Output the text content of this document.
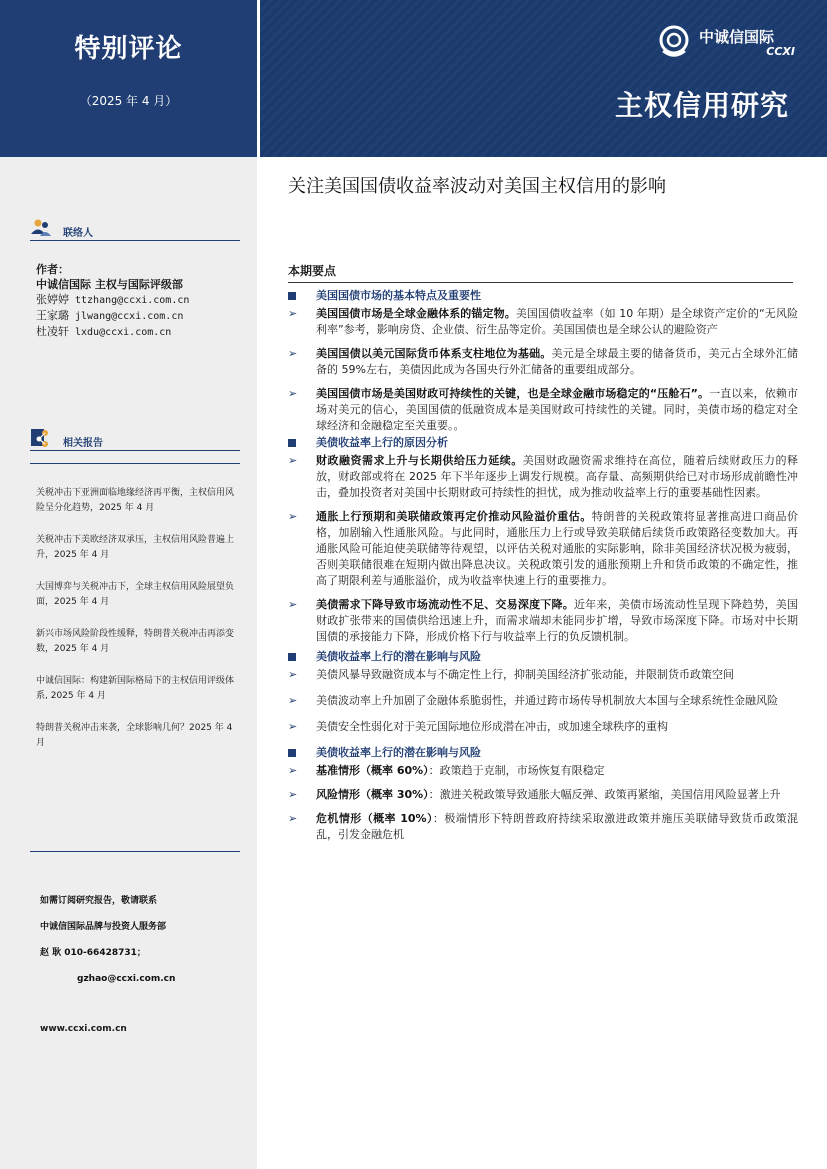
特别评论
（2025 年 4 月）
中诚信国际
CCXI
主权信用研究
联络人
作者：
中诚信国际 主权与国际评级部
张婷婷 ttzhang@ccxi.com.cn
王家璐 jlwang@ccxi.com.cn
杜凌轩 lxdu@ccxi.com.cn
相关报告
关税冲击下亚洲面临地缘经济再平衡，主权信用风险呈分化趋势，2025 年 4 月
关税冲击下美欧经济双承压，主权信用风险普遍上升，2025 年 4 月
大国博弈与关税冲击下，全球主权信用风险展望负面，2025 年 4 月
新兴市场风险阶段性缓释，特朗普关税冲击再添变数，2025 年 4 月
中诚信国际：构建新国际格局下的主权信用评级体系, 2025 年 4 月
特朗普关税冲击来袭，全球影响几何？2025 年 4 月
如需订阅研究报告，敬请联系
中诚信国际品牌与投资人服务部
赵 耿 010-66428731；
gzhao@ccxi.com.cn
www.ccxi.com.cn
关注美国国债收益率波动对美国主权信用的影响
本期要点
美国国债市场的基本特点及重要性
➢ 美国国债市场是全球金融体系的锚定物。美国国债收益率（如 10 年期）是全球资产定价的“无风险利率”参考，影响房贷、企业债、衍生品等定价。美国国债也是全球公认的避险资产
➢ 美国国债以美元国际货币体系支柱地位为基础。美元是全球最主要的储备货币，美元占全球外汇储备的 59%左右，美债因此成为各国央行外汇储备的重要组成部分。
➢ 美国国债市场是美国财政可持续性的关键，也是全球金融市场稳定的“压舱石”。一直以来，依赖市场对美元的信心，美国国债的低融资成本是美国财政可持续性的关键。同时，美债市场的稳定对全球经济和金融稳定至关重要。。
美债收益率上行的原因分析
➢ 财政融资需求上升与长期供给压力延续。美国财政融资需求维持在高位，随着后续财政压力的释放，财政部或将在 2025 年下半年逐步上调发行规模。高存量、高频期供给已对市场形成前瞻性冲击，叠加投资者对美国中长期财政可持续性的担忧，成为推动收益率上行的重要基础性因素。
➢ 通胀上行预期和美联储政策再定价推动风险溢价重估。特朗普的关税政策将显著推高进口商品价格，加剧输入性通胀风险。与此同时，通胀压力上行或导致美联储后续货币政策路径变数加大。再通胀风险可能迫使美联储等待观望，以评估关税对通胀的实际影响，除非美国经济状况极为疲弱，否则美联储很难在短期内做出降息决议。关税政策引发的通胀预期上升和货币政策的不确定性，推高了期限利差与通胀溢价，成为收益率快速上行的重要推力。
➢ 美债需求下降导致市场流动性不足、交易深度下降。近年来，美债市场流动性呈现下降趋势，美国财政扩张带来的国债供给迅速上升，而需求端却未能同步扩增，导致市场深度下降。市场对中长期国债的承接能力下降，形成价格下行与收益率上行的负反馈机制。
美债收益率上行的潜在影响与风险
➢ 美债风暴导致融资成本与不确定性上行，抑制美国经济扩张动能，并限制货币政策空间
➢ 美债波动率上升加剧了金融体系脆弱性，并通过跨市场传导机制放大本国与全球系统性金融风险
➢ 美债安全性弱化对于美元国际地位形成潜在冲击，或加速全球秩序的重构
美债收益率上行的潜在影响与风险
➢ 基准情形（概率 60%）：政策趋于克制，市场恢复有限稳定
➢ 风险情形（概率 30%）：激进关税政策导致通胀大幅反弹、政策再紧缩，美国信用风险显著上升
➢ 危机情形（概率 10%）：极端情形下特朗普政府持续采取激进政策并施压美联储导致货币政策混乱，引发金融危机
